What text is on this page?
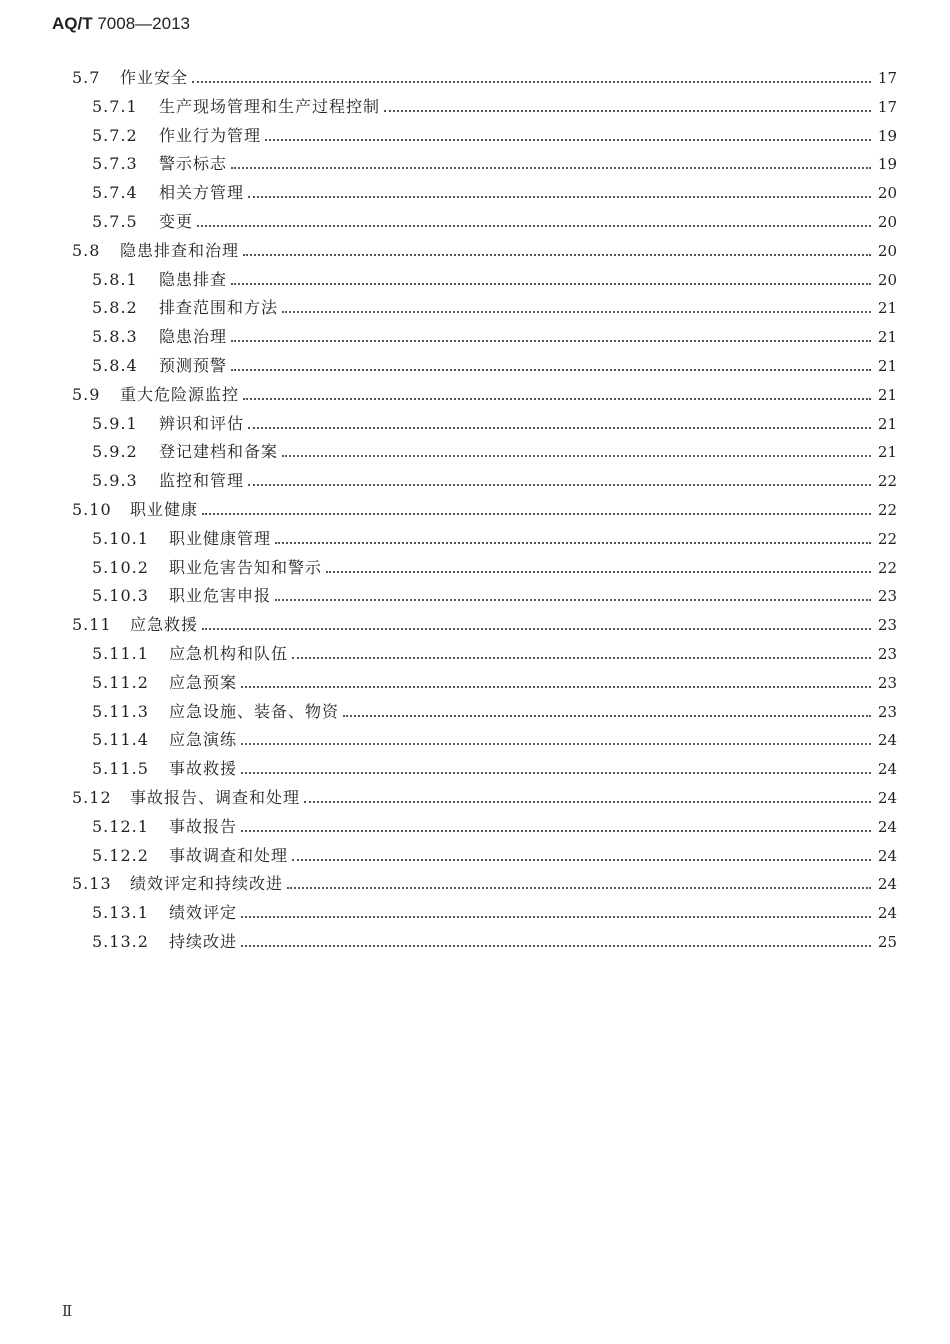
AQ/T 7008—2013
5.7	作业安全	17
5.7.1	生产现场管理和生产过程控制	17
5.7.2	作业行为管理	19
5.7.3	警示标志	19
5.7.4	相关方管理	20
5.7.5	变更	20
5.8	隐患排查和治理	20
5.8.1	隐患排查	20
5.8.2	排查范围和方法	21
5.8.3	隐患治理	21
5.8.4	预测预警	21
5.9	重大危险源监控	21
5.9.1	辨识和评估	21
5.9.2	登记建档和备案	21
5.9.3	监控和管理	22
5.10	职业健康	22
5.10.1	职业健康管理	22
5.10.2	职业危害告知和警示	22
5.10.3	职业危害申报	23
5.11	应急救援	23
5.11.1	应急机构和队伍	23
5.11.2	应急预案	23
5.11.3	应急设施、装备、物资	23
5.11.4	应急演练	24
5.11.5	事故救援	24
5.12	事故报告、调查和处理	24
5.12.1	事故报告	24
5.12.2	事故调查和处理	24
5.13	绩效评定和持续改进	24
5.13.1	绩效评定	24
5.13.2	持续改进	25
Ⅱ
